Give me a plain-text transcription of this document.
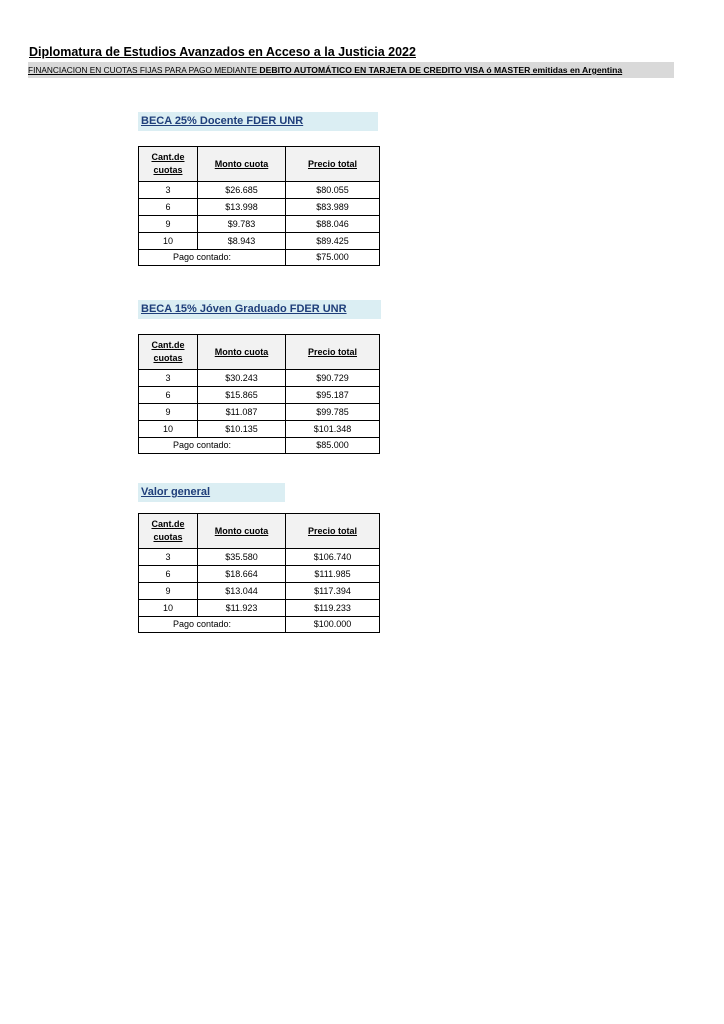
Diplomatura de Estudios Avanzados en Acceso a la Justicia 2022
FINANCIACION EN CUOTAS FIJAS PARA PAGO MEDIANTE DEBITO AUTOMÁTICO EN TARJETA DE CREDITO VISA ó MASTER emitidas en Argentina
BECA 25% Docente FDER UNR
Cant.de cuotas	Monto cuota	Precio total
3	$26.685	$80.055
6	$13.998	$83.989
9	$9.783	$88.046
10	$8.943	$89.425
Pago contado:		$75.000
BECA 15% Jóven Graduado FDER UNR
Cant.de cuotas	Monto cuota	Precio total
3	$30.243	$90.729
6	$15.865	$95.187
9	$11.087	$99.785
10	$10.135	$101.348
Pago contado:		$85.000
Valor general
Cant.de cuotas	Monto cuota	Precio total
3	$35.580	$106.740
6	$18.664	$111.985
9	$13.044	$117.394
10	$11.923	$119.233
Pago contado:		$100.000
